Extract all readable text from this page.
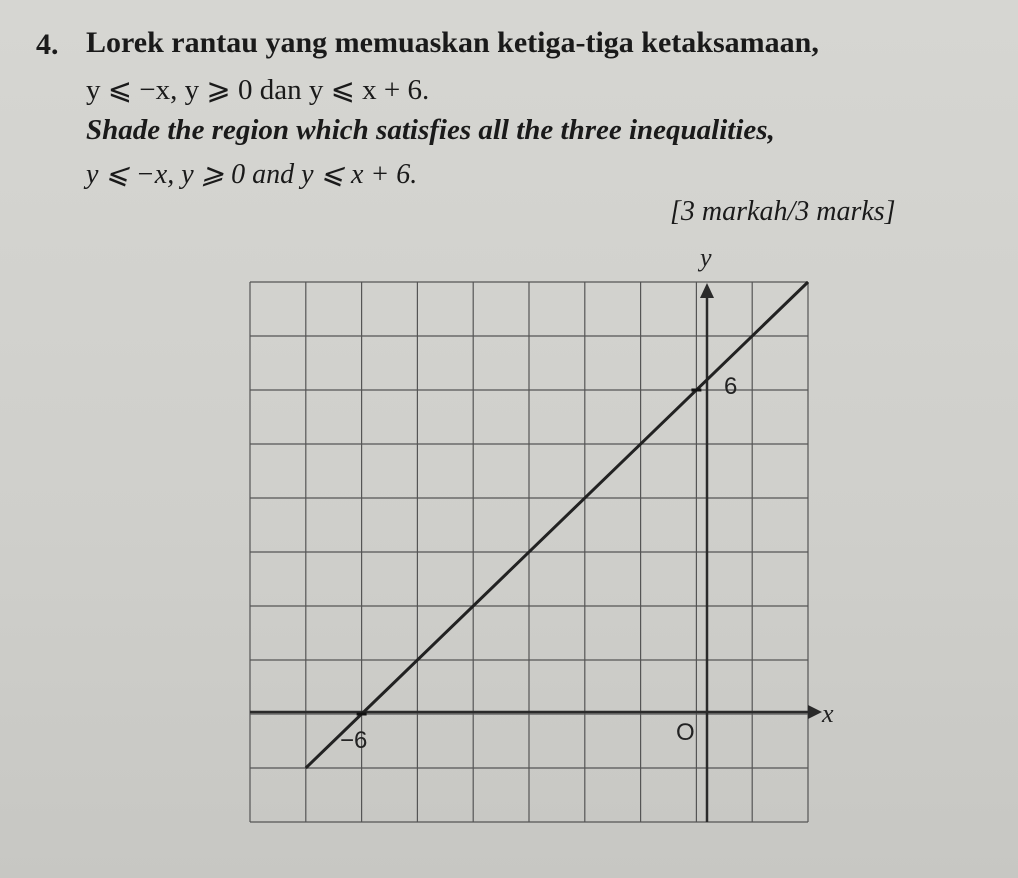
4. Lorek rantau yang memuaskan ketiga-tiga ketaksamaan,
y ⩽ −x, y ⩾ 0 dan y ⩽ x + 6.
Shade the region which satisfies all the three inequalities,
y ⩽ −x, y ⩾ 0 and y ⩽ x + 6.
[3 markah/3 marks]
y
x
6
−6	O
